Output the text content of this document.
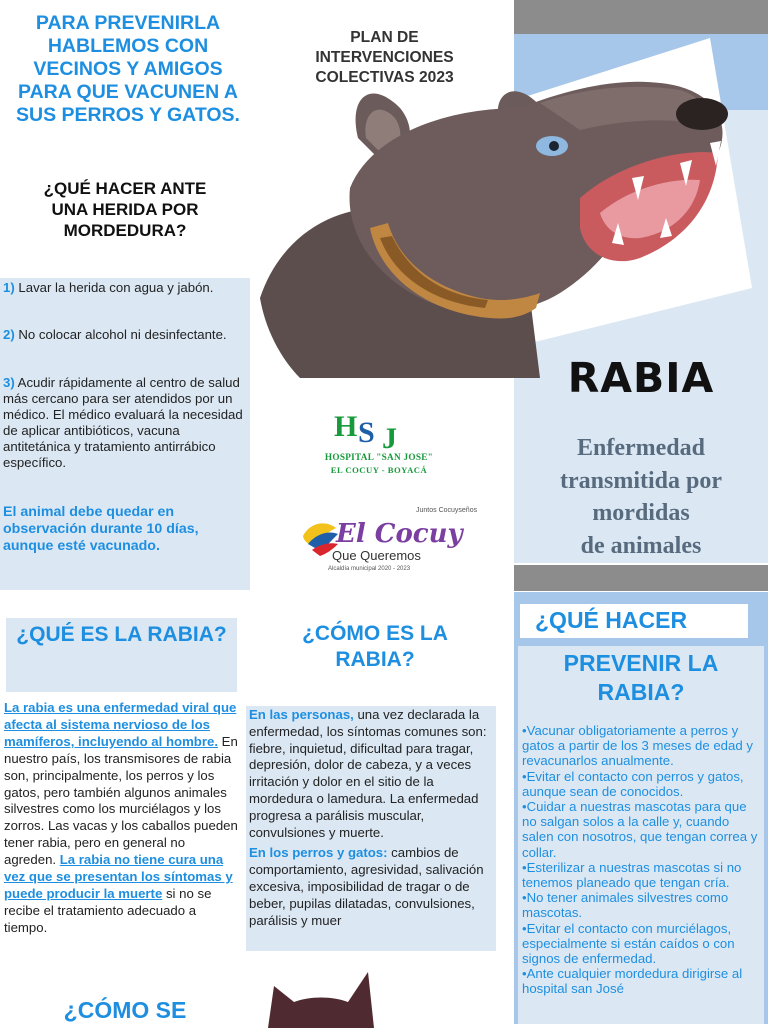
PARA PREVENIRLA HABLEMOS CON VECINOS Y AMIGOS PARA QUE VACUNEN A SUS PERROS Y GATOS.
¿QUÉ HACER ANTE UNA HERIDA POR MORDEDURA?
1) Lavar la herida con agua y jabón.
2) No colocar alcohol ni desinfectante.
3) Acudir rápidamente al centro de salud más cercano para ser atendidos por un médico. El médico evaluará la necesidad de aplicar antibióticos, vacuna antitetánica y tratamiento antirrábico específico.
El animal debe quedar en observación durante 10 días, aunque esté vacunado.
PLAN DE INTERVENCIONES COLECTIVAS 2023
RABIA
Enfermedad
transmitida por
mordidas
de animales
H S J
HOSPITAL "SAN JOSE"
EL COCUY - BOYACÁ
Juntos Cocuyseños
El Cocuy
Que Queremos
Alcaldía municipal 2020 - 2023
¿QUÉ ES LA RABIA?
La rabia es una enfermedad viral que afecta al sistema nervioso de los mamíferos, incluyendo al hombre. En nuestro país, los transmisores de rabia son, principalmente, los perros y los gatos, pero también algunos animales silvestres como los murciélagos y los zorros. Las vacas y los caballos pueden tener rabia, pero en general no agreden. La rabia no tiene cura una vez que se presentan los síntomas y puede producir la muerte si no se recibe el tratamiento adecuado a tiempo.
¿CÓMO SE
¿CÓMO ES LA RABIA?
En las personas, una vez declarada la enfermedad, los síntomas comunes son: fiebre, inquietud, dificultad para tragar, depresión, dolor de cabeza, y a veces irritación y dolor en el sitio de la mordedura o lamedura. La enfermedad progresa a parálisis muscular, convulsiones y muerte.
En los perros y gatos: cambios de comportamiento, agresividad, salivación excesiva, imposibilidad de tragar o de beber, pupilas dilatadas, convulsiones, parálisis y muer
¿QUÉ HACER
PREVENIR LA RABIA?
• Vacunar obligatoriamente a perros y gatos a partir de los 3 meses de edad y revacunarlos anualmente.
• Evitar el contacto con perros y gatos, aunque sean de conocidos.
• Cuidar a nuestras mascotas para que no salgan solos a la calle y, cuando salen con nosotros, que tengan correa y collar.
• Esterilizar a nuestras mascotas si no tenemos planeado que tengan cría.
• No tener animales silvestres como mascotas.
• Evitar el contacto con murciélagos, especialmente si están caídos o con signos de enfermedad.
• Ante cualquier mordedura dirigirse al hospital san José
